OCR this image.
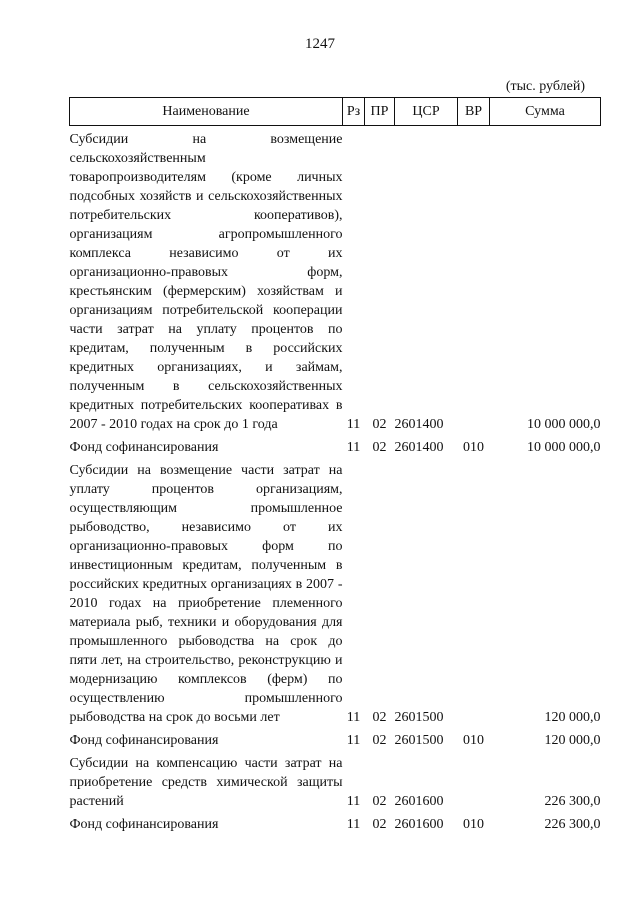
1247
(тыс. рублей)
Наименование	Рз	ПР	ЦСР	ВР	Сумма

Субсидии на возмещение сельскохозяйственным товаропроизводителям (кроме личных подсобных хозяйств и сельскохозяйственных потребительских кооперативов), организациям агропромышленного комплекса независимо от их организационно-правовых форм, крестьянским (фермерским) хозяйствам и организациям потребительской кооперации части затрат на уплату процентов по кредитам, полученным в российских кредитных организациях, и займам, полученным в сельскохозяйственных кредитных потребительских кооперативах в 2007 - 2010 годах на срок до 1 года	11	02	2601400		10 000 000,0

Фонд софинансирования	11	02	2601400	010	10 000 000,0

Субсидии на возмещение части затрат на уплату процентов организациям, осуществляющим промышленное рыбоводство, независимо от их организационно-правовых форм по инвестиционным кредитам, полученным в российских кредитных организациях в 2007 - 2010 годах на приобретение племенного материала рыб, техники и оборудования для промышленного рыбоводства на срок до пяти лет, на строительство, реконструкцию и модернизацию комплексов (ферм) по осуществлению промышленного рыбоводства на срок до восьми лет	11	02	2601500		120 000,0

Фонд софинансирования	11	02	2601500	010	120 000,0

Субсидии на компенсацию части затрат на приобретение средств химической защиты растений	11	02	2601600		226 300,0

Фонд софинансирования	11	02	2601600	010	226 300,0
